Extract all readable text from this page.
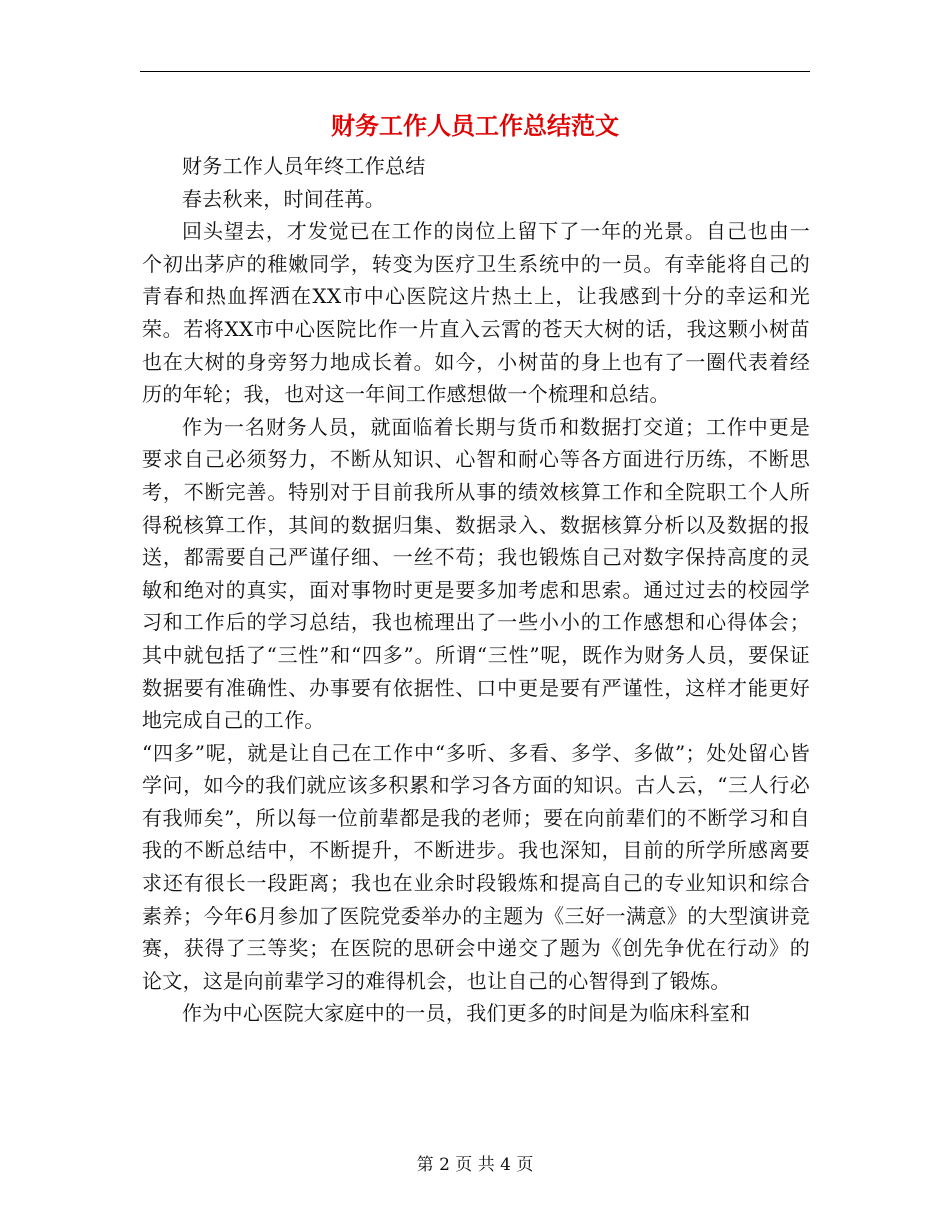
财务工作人员工作总结范文

财务工作人员年终工作总结

春去秋来，时间荏苒。

回头望去，才发觉已在工作的岗位上留下了一年的光景。自己也由一个初出茅庐的稚嫩同学，转变为医疗卫生系统中的一员。有幸能将自己的青春和热血挥洒在XX市中心医院这片热土上，让我感到十分的幸运和光荣。若将XX市中心医院比作一片直入云霄的苍天大树的话，我这颗小树苗也在大树的身旁努力地成长着。如今，小树苗的身上也有了一圈代表着经历的年轮；我，也对这一年间工作感想做一个梳理和总结。

作为一名财务人员，就面临着长期与货币和数据打交道；工作中更是要求自己必须努力，不断从知识、心智和耐心等各方面进行历练，不断思考，不断完善。特别对于目前我所从事的绩效核算工作和全院职工个人所得税核算工作，其间的数据归集、数据录入、数据核算分析以及数据的报送，都需要自己严谨仔细、一丝不苟；我也锻炼自己对数字保持高度的灵敏和绝对的真实，面对事物时更是要多加考虑和思索。通过过去的校园学习和工作后的学习总结，我也梳理出了一些小小的工作感想和心得体会；其中就包括了“三性”和“四多”。所谓“三性”呢，既作为财务人员，要保证数据要有准确性、办事要有依据性、口中更是要有严谨性，这样才能更好地完成自己的工作。

“四多”呢，就是让自己在工作中“多听、多看、多学、多做”；处处留心皆学问，如今的我们就应该多积累和学习各方面的知识。古人云，“三人行必有我师矣”，所以每一位前辈都是我的老师；要在向前辈们的不断学习和自我的不断总结中，不断提升，不断进步。我也深知，目前的所学所感离要求还有很长一段距离；我也在业余时段锻炼和提高自己的专业知识和综合素养；今年6月参加了医院党委举办的主题为《三好一满意》的大型演讲竞赛，获得了三等奖；在医院的思研会中递交了题为《创先争优在行动》的论文，这是向前辈学习的难得机会，也让自己的心智得到了锻炼。

作为中心医院大家庭中的一员，我们更多的时间是为临床科室和

第 2 页 共 4 页
